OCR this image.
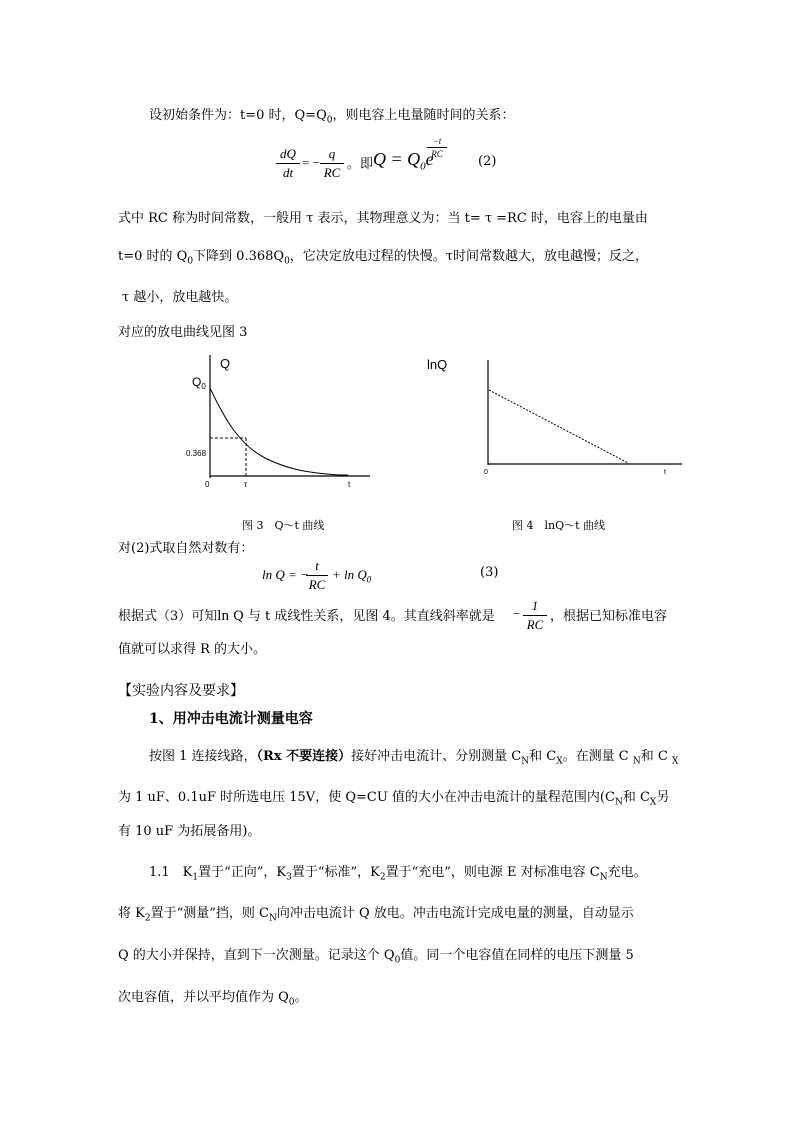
设初始条件为：t=0 时，$Q=Q_0$，则电容上电量随时间的关系：
dQ
dt
= −
q
RC
。即 $Q = Q_0e$
−t
RC	(2)
式中 RC 称为时间常数，一般用 τ 表示，其物理意义为：当 t= τ =RC 时，电容上的电量由
t=0 时的 $Q_0$下降到 $0.368Q_0$，它决定放电过程的快慢。τ时间常数越大，放电越慢；反之，
τ 越小，放电越快。
对应的放电曲线见图 3
Q
$Q_0$
0.368
0	τ	t
图 3　Q～t 曲线
lnQ
0	t
图 4　lnQ～t 曲线
对(2)式取自然对数有：
ln Q = −
t
RC
+ $\ln Q_0$	(3)
根据式（3）可知ln Q 与 t 成线性关系，见图 4。其直线斜率就是 −
1
RC
，根据已知标准电容
值就可以求得 R 的大小。
【实验内容及要求】
1、用冲击电流计测量电容
按图 1 连接线路，（Rx 不要连接）接好冲击电流计、分别测量 $C_N$和 $C_X$。在测量 C $_N$和 C $_X$
为 1 uF、0.1uF 时所选电压 15V，使 Q=CU 值的大小在冲击电流计的量程范围内($C_N$和 $C_X$另
有 10 uF 为拓展备用)。
1.1　$K_1$置于“正向”，$K_3$置于“标准”，$K_2$置于“充电”，则电源 E 对标准电容 $C_N$充电。
将 $K_2$置于“测量”挡，则 $C_N$向冲击电流计 Q 放电。冲击电流计完成电量的测量，自动显示
Q 的大小并保持，直到下一次测量。记录这个 $Q_0$值。同一个电容值在同样的电压下测量 5
次电容值，并以平均值作为 $Q_0$。
